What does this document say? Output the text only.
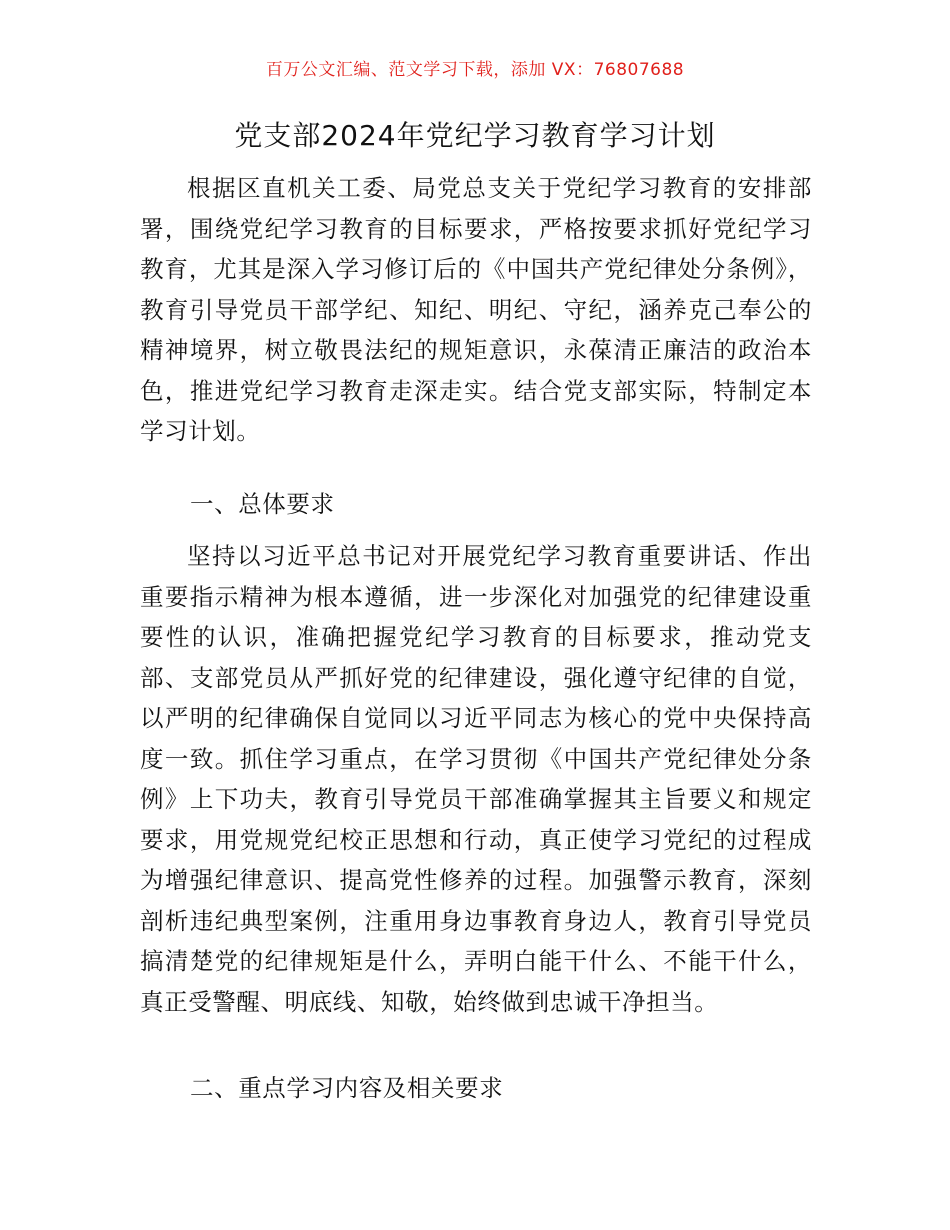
百万公文汇编、范文学习下载，添加 VX：76807688
党支部2024年党纪学习教育学习计划

根据区直机关工委、局党总支关于党纪学习教育的安排部署，围绕党纪学习教育的目标要求，严格按要求抓好党纪学习教育，尤其是深入学习修订后的《中国共产党纪律处分条例》，教育引导党员干部学纪、知纪、明纪、守纪，涵养克己奉公的精神境界，树立敬畏法纪的规矩意识，永葆清正廉洁的政治本色，推进党纪学习教育走深走实。结合党支部实际，特制定本学习计划。

一、总体要求

坚持以习近平总书记对开展党纪学习教育重要讲话、作出重要指示精神为根本遵循，进一步深化对加强党的纪律建设重要性的认识，准确把握党纪学习教育的目标要求，推动党支部、支部党员从严抓好党的纪律建设，强化遵守纪律的自觉，以严明的纪律确保自觉同以习近平同志为核心的党中央保持高度一致。抓住学习重点，在学习贯彻《中国共产党纪律处分条例》上下功夫，教育引导党员干部准确掌握其主旨要义和规定要求，用党规党纪校正思想和行动，真正使学习党纪的过程成为增强纪律意识、提高党性修养的过程。加强警示教育，深刻剖析违纪典型案例，注重用身边事教育身边人，教育引导党员搞清楚党的纪律规矩是什么，弄明白能干什么、不能干什么，真正受警醒、明底线、知敬，始终做到忠诚干净担当。

二、重点学习内容及相关要求
